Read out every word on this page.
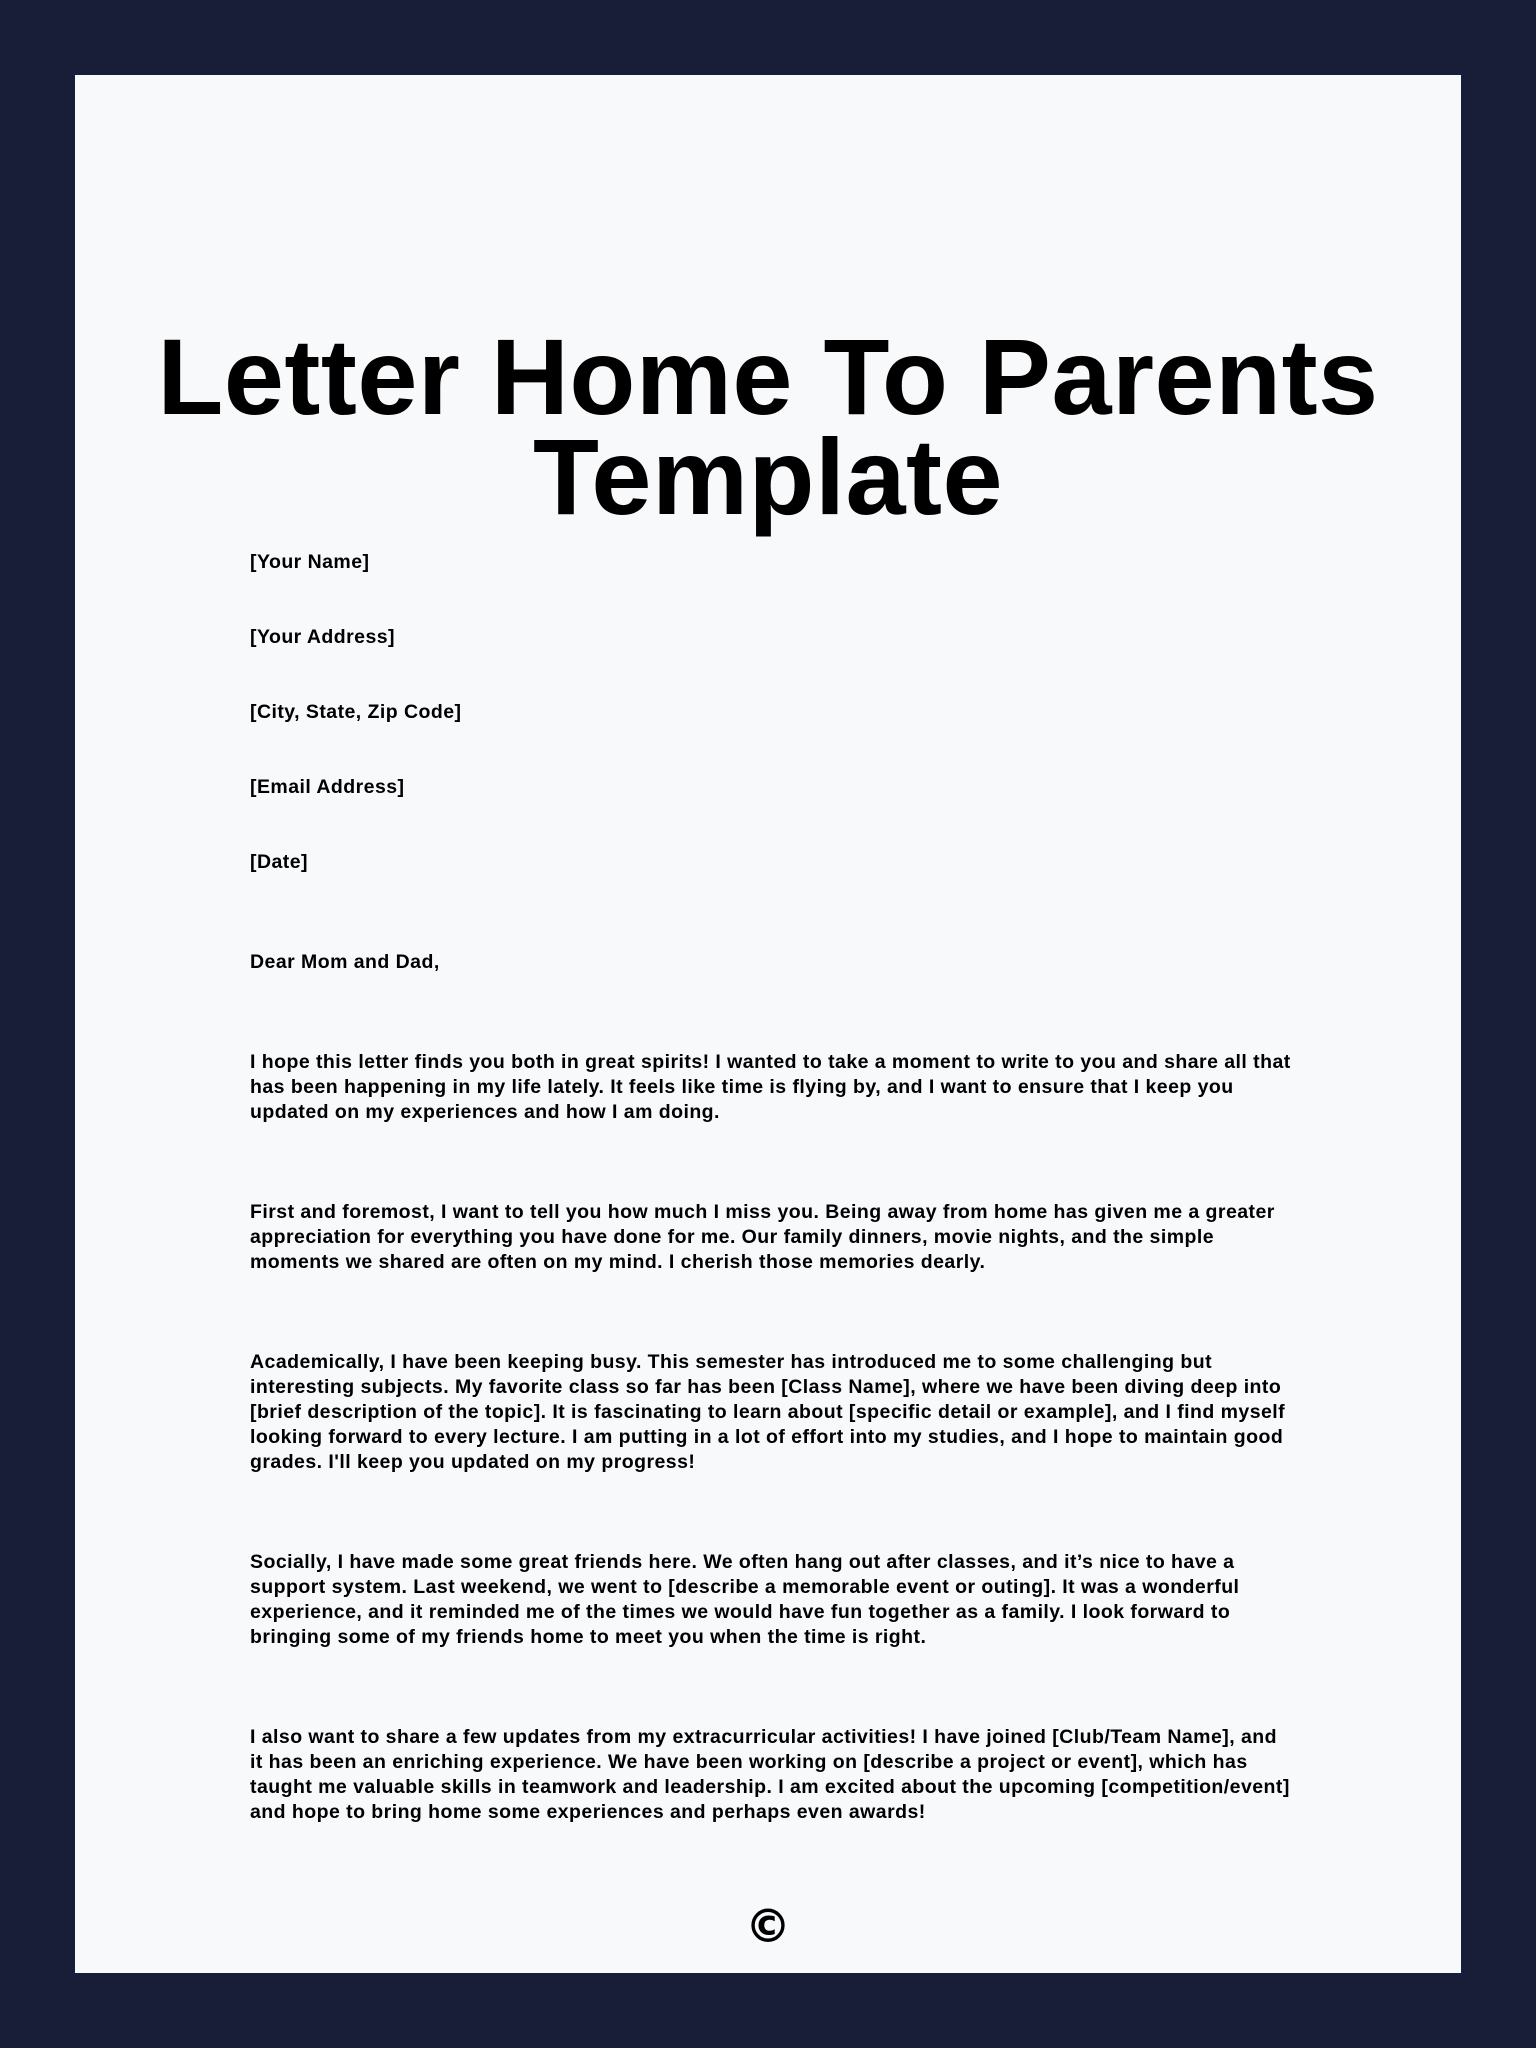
Letter Home To Parents
Template

[Your Name]

[Your Address]

[City, State, Zip Code]

[Email Address]

[Date]

Dear Mom and Dad,

I hope this letter finds you both in great spirits! I wanted to take a moment to write to you and share all that
has been happening in my life lately. It feels like time is flying by, and I want to ensure that I keep you
updated on my experiences and how I am doing.
First and foremost, I want to tell you how much I miss you. Being away from home has given me a greater
appreciation for everything you have done for me. Our family dinners, movie nights, and the simple
moments we shared are often on my mind. I cherish those memories dearly.
Academically, I have been keeping busy. This semester has introduced me to some challenging but
interesting subjects. My favorite class so far has been [Class Name], where we have been diving deep into
[brief description of the topic]. It is fascinating to learn about [specific detail or example], and I find myself
looking forward to every lecture. I am putting in a lot of effort into my studies, and I hope to maintain good
grades. I'll keep you updated on my progress!
Socially, I have made some great friends here. We often hang out after classes, and it’s nice to have a
support system. Last weekend, we went to [describe a memorable event or outing]. It was a wonderful
experience, and it reminded me of the times we would have fun together as a family. I look forward to
bringing some of my friends home to meet you when the time is right.
I also want to share a few updates from my extracurricular activities! I have joined [Club/Team Name], and
it has been an enriching experience. We have been working on [describe a project or event], which has
taught me valuable skills in teamwork and leadership. I am excited about the upcoming [competition/event]
and hope to bring home some experiences and perhaps even awards!
©
